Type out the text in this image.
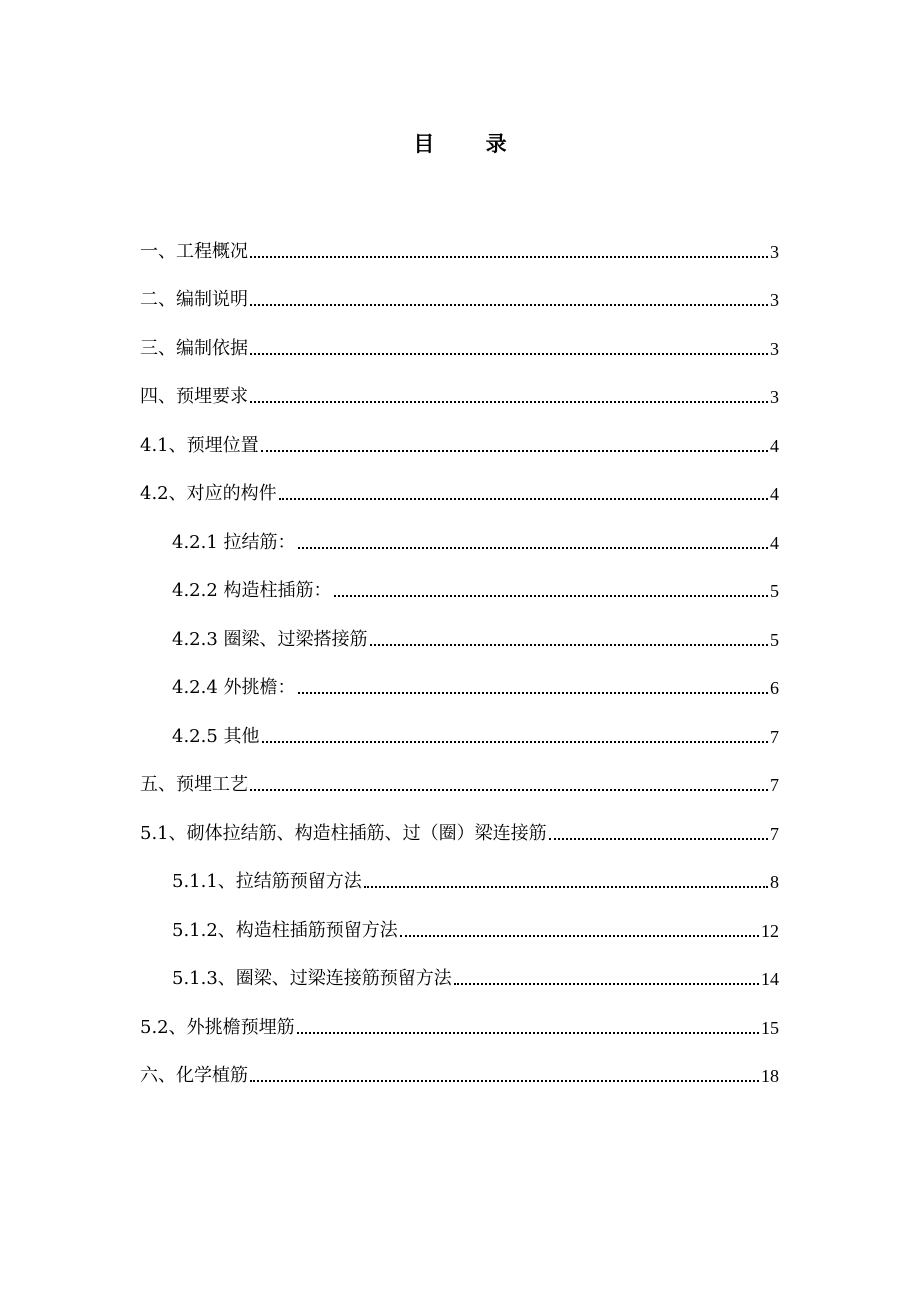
目 录
一、工程概况	3
二、编制说明	3
三、编制依据	3
四、预埋要求	3
4.1、预埋位置	4
4.2、对应的构件	4
4.2.1 拉结筋：	4
4.2.2 构造柱插筋：	5
4.2.3 圈梁、过梁搭接筋	5
4.2.4 外挑檐：	6
4.2.5 其他	7
五、预埋工艺	7
5.1、砌体拉结筋、构造柱插筋、过（圈）梁连接筋	7
5.1.1、拉结筋预留方法	8
5.1.2、构造柱插筋预留方法	12
5.1.3、圈梁、过梁连接筋预留方法	14
5.2、外挑檐预埋筋	15
六、化学植筋	18
